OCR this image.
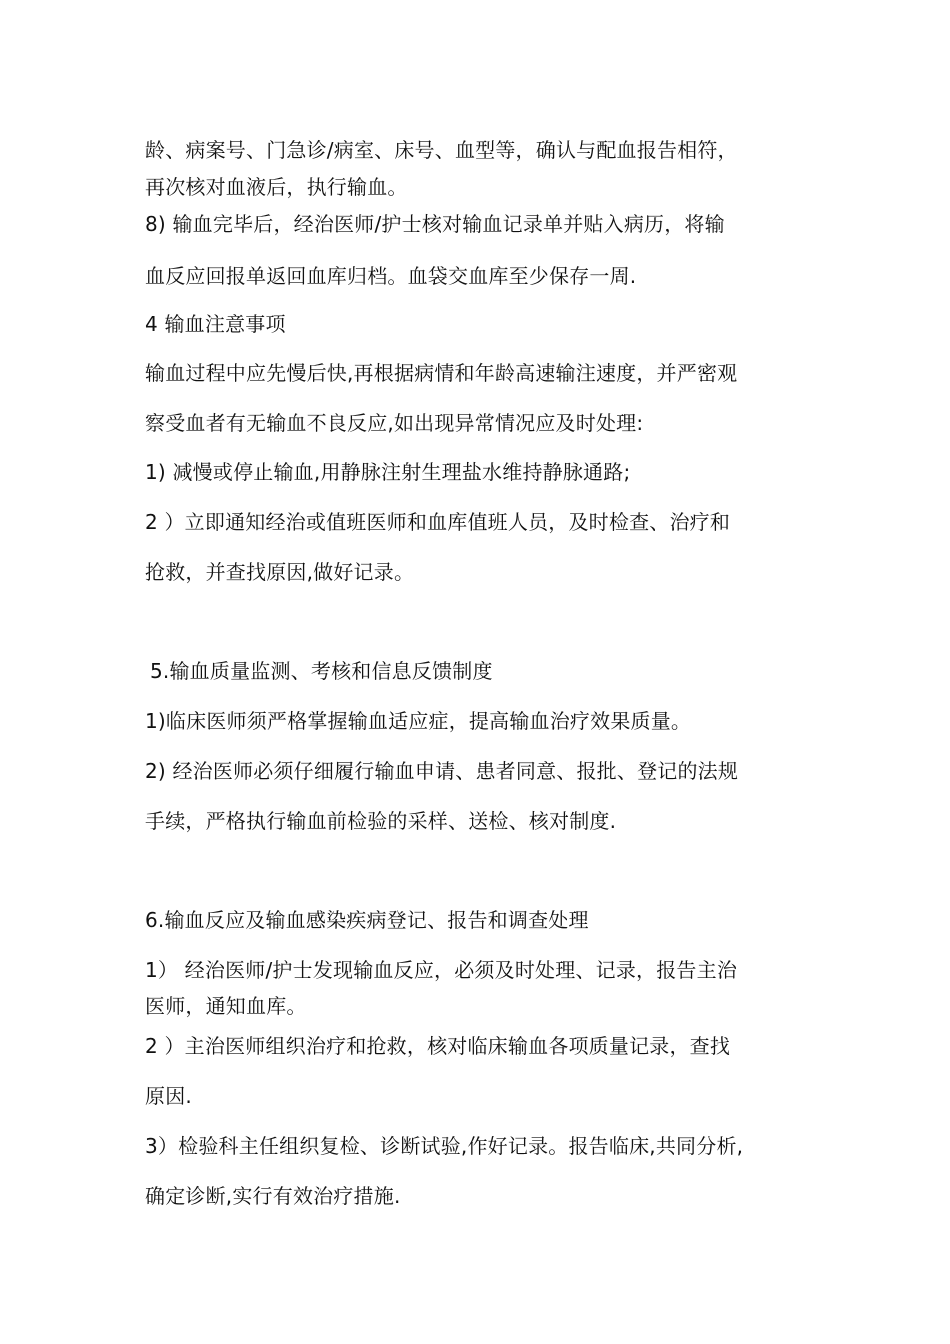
龄、病案号、门急诊/病室、床号、血型等，确认与配血报告相符，
再次核对血液后，执行输血。
8) 输血完毕后，经治医师/护士核对输血记录单并贴入病历，将输
血反应回报单返回血库归档。血袋交血库至少保存一周.
4 输血注意事项
输血过程中应先慢后快,再根据病情和年龄高速输注速度，并严密观
察受血者有无输血不良反应,如出现异常情况应及时处理:
1) 减慢或停止输血,用静脉注射生理盐水维持静脉通路;
2 ）立即通知经治或值班医师和血库值班人员，及时检查、治疗和
抢救，并查找原因,做好记录。
5.输血质量监测、考核和信息反馈制度
1)临床医师须严格掌握输血适应症，提高输血治疗效果质量。
2) 经治医师必须仔细履行输血申请、患者同意、报批、登记的法规
手续，严格执行输血前检验的采样、送检、核对制度.
6.输血反应及输血感染疾病登记、报告和调查处理
1） 经治医师/护士发现输血反应，必须及时处理、记录，报告主治
医师，通知血库。
2 ）主治医师组织治疗和抢救，核对临床输血各项质量记录，查找
原因.
3）检验科主任组织复检、诊断试验,作好记录。报告临床,共同分析,
确定诊断,实行有效治疗措施.
